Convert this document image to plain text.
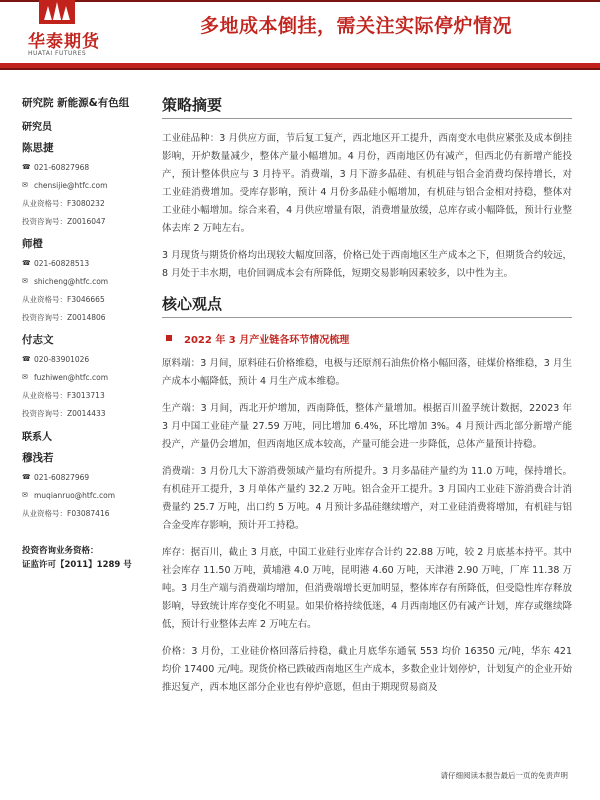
华泰期货
HUATAI FUTURES
多地成本倒挂，需关注实际停炉情况
研究院 新能源&有色组
研究员
陈思捷
☎ 021-60827968
✉ chensijie@htfc.com
从业资格号： F3080232
投资咨询号： Z0016047
师橙
☎ 021-60828513
✉ shicheng@htfc.com
从业资格号： F3046665
投资咨询号： Z0014806
付志文
☎ 020-83901026
✉ fuzhiwen@htfc.com
从业资格号： F3013713
投资咨询号： Z0014433
联系人
穆浅若
☎ 021-60827969
✉ muqianruo@htfc.com
从业资格号： F03087416
投资咨询业务资格：
证监许可【2011】1289 号
策略摘要

工业硅品种：3 月供应方面，节后复工复产，西北地区开工提升，西南变水电供应紧张及成本倒挂影响，开炉数量减少，整体产量小幅增加。4 月份，西南地区仍有减产，但西北仍有新增产能投产，预计整体供应与 3 月持平。消费端，3 月下游多晶硅、有机硅与铝合金消费均保持增长，对工业硅消费增加。受库存影响，预计 4 月份多晶硅小幅增加，有机硅与铝合金相对持稳，整体对工业硅小幅增加。综合来看，4 月供应增量有限，消费增量放缓，总库存或小幅降低，预计行业整体去库 2 万吨左右。

3 月现货与期货价格均出现较大幅度回落，价格已处于西南地区生产成本之下，但期货合约较远，8 月处于丰水期，电价回调成本会有所降低，短期交易影响因素较多，以中性为主。

核心观点
2022 年 3 月产业链各环节情况梳理

原料端：3 月间，原料硅石价格维稳，电极与还原剂石油焦价格小幅回落，硅煤价格维稳，3 月生产成本小幅降低，预计 4 月生产成本维稳。

生产端：3 月间，西北开炉增加，西南降低，整体产量增加。根据百川盈孚统计数据，22023 年 3 月中国工业硅产量 27.59 万吨，同比增加 6.4%，环比增加 3%。4 月预计西北部分新增产能投产，产量仍会增加，但西南地区成本较高，产量可能会进一步降低，总体产量预计持稳。

消费端：3 月份几大下游消费领域产量均有所提升。3 月多晶硅产量约为 11.0 万吨，保持增长。有机硅开工提升，3 月单体产量约 32.2 万吨。铝合金开工提升。3 月国内工业硅下游消费合计消费量约 25.7 万吨，出口约 5 万吨。4 月预计多晶硅继续增产，对工业硅消费将增加，有机硅与铝合金受库存影响，预计开工持稳。

库存：据百川，截止 3 月底，中国工业硅行业库存合计约 22.88 万吨，较 2 月底基本持平。其中社会库存 11.50 万吨，黄埔港 4.0 万吨，昆明港 4.60 万吨，天津港 2.90 万吨，厂库 11.38 万吨。3 月生产端与消费端均增加，但消费端增长更加明显，整体库存有所降低，但受隐性库存释放影响，导致统计库存变化不明显。如果价格持续低迷，4 月西南地区仍有减产计划，库存或继续降低，预计行业整体去库 2 万吨左右。

价格：3 月份，工业硅价格回落后持稳，截止月底华东通氧 553 均价 16350 元/吨，华东 421 均价 17400 元/吨。现货价格已跌破西南地区生产成本，多数企业计划停炉，计划复产的企业开始推迟复产，西本地区部分企业也有停炉意愿，但由于期现贸易商及

请仔细阅读本报告最后一页的免责声明
